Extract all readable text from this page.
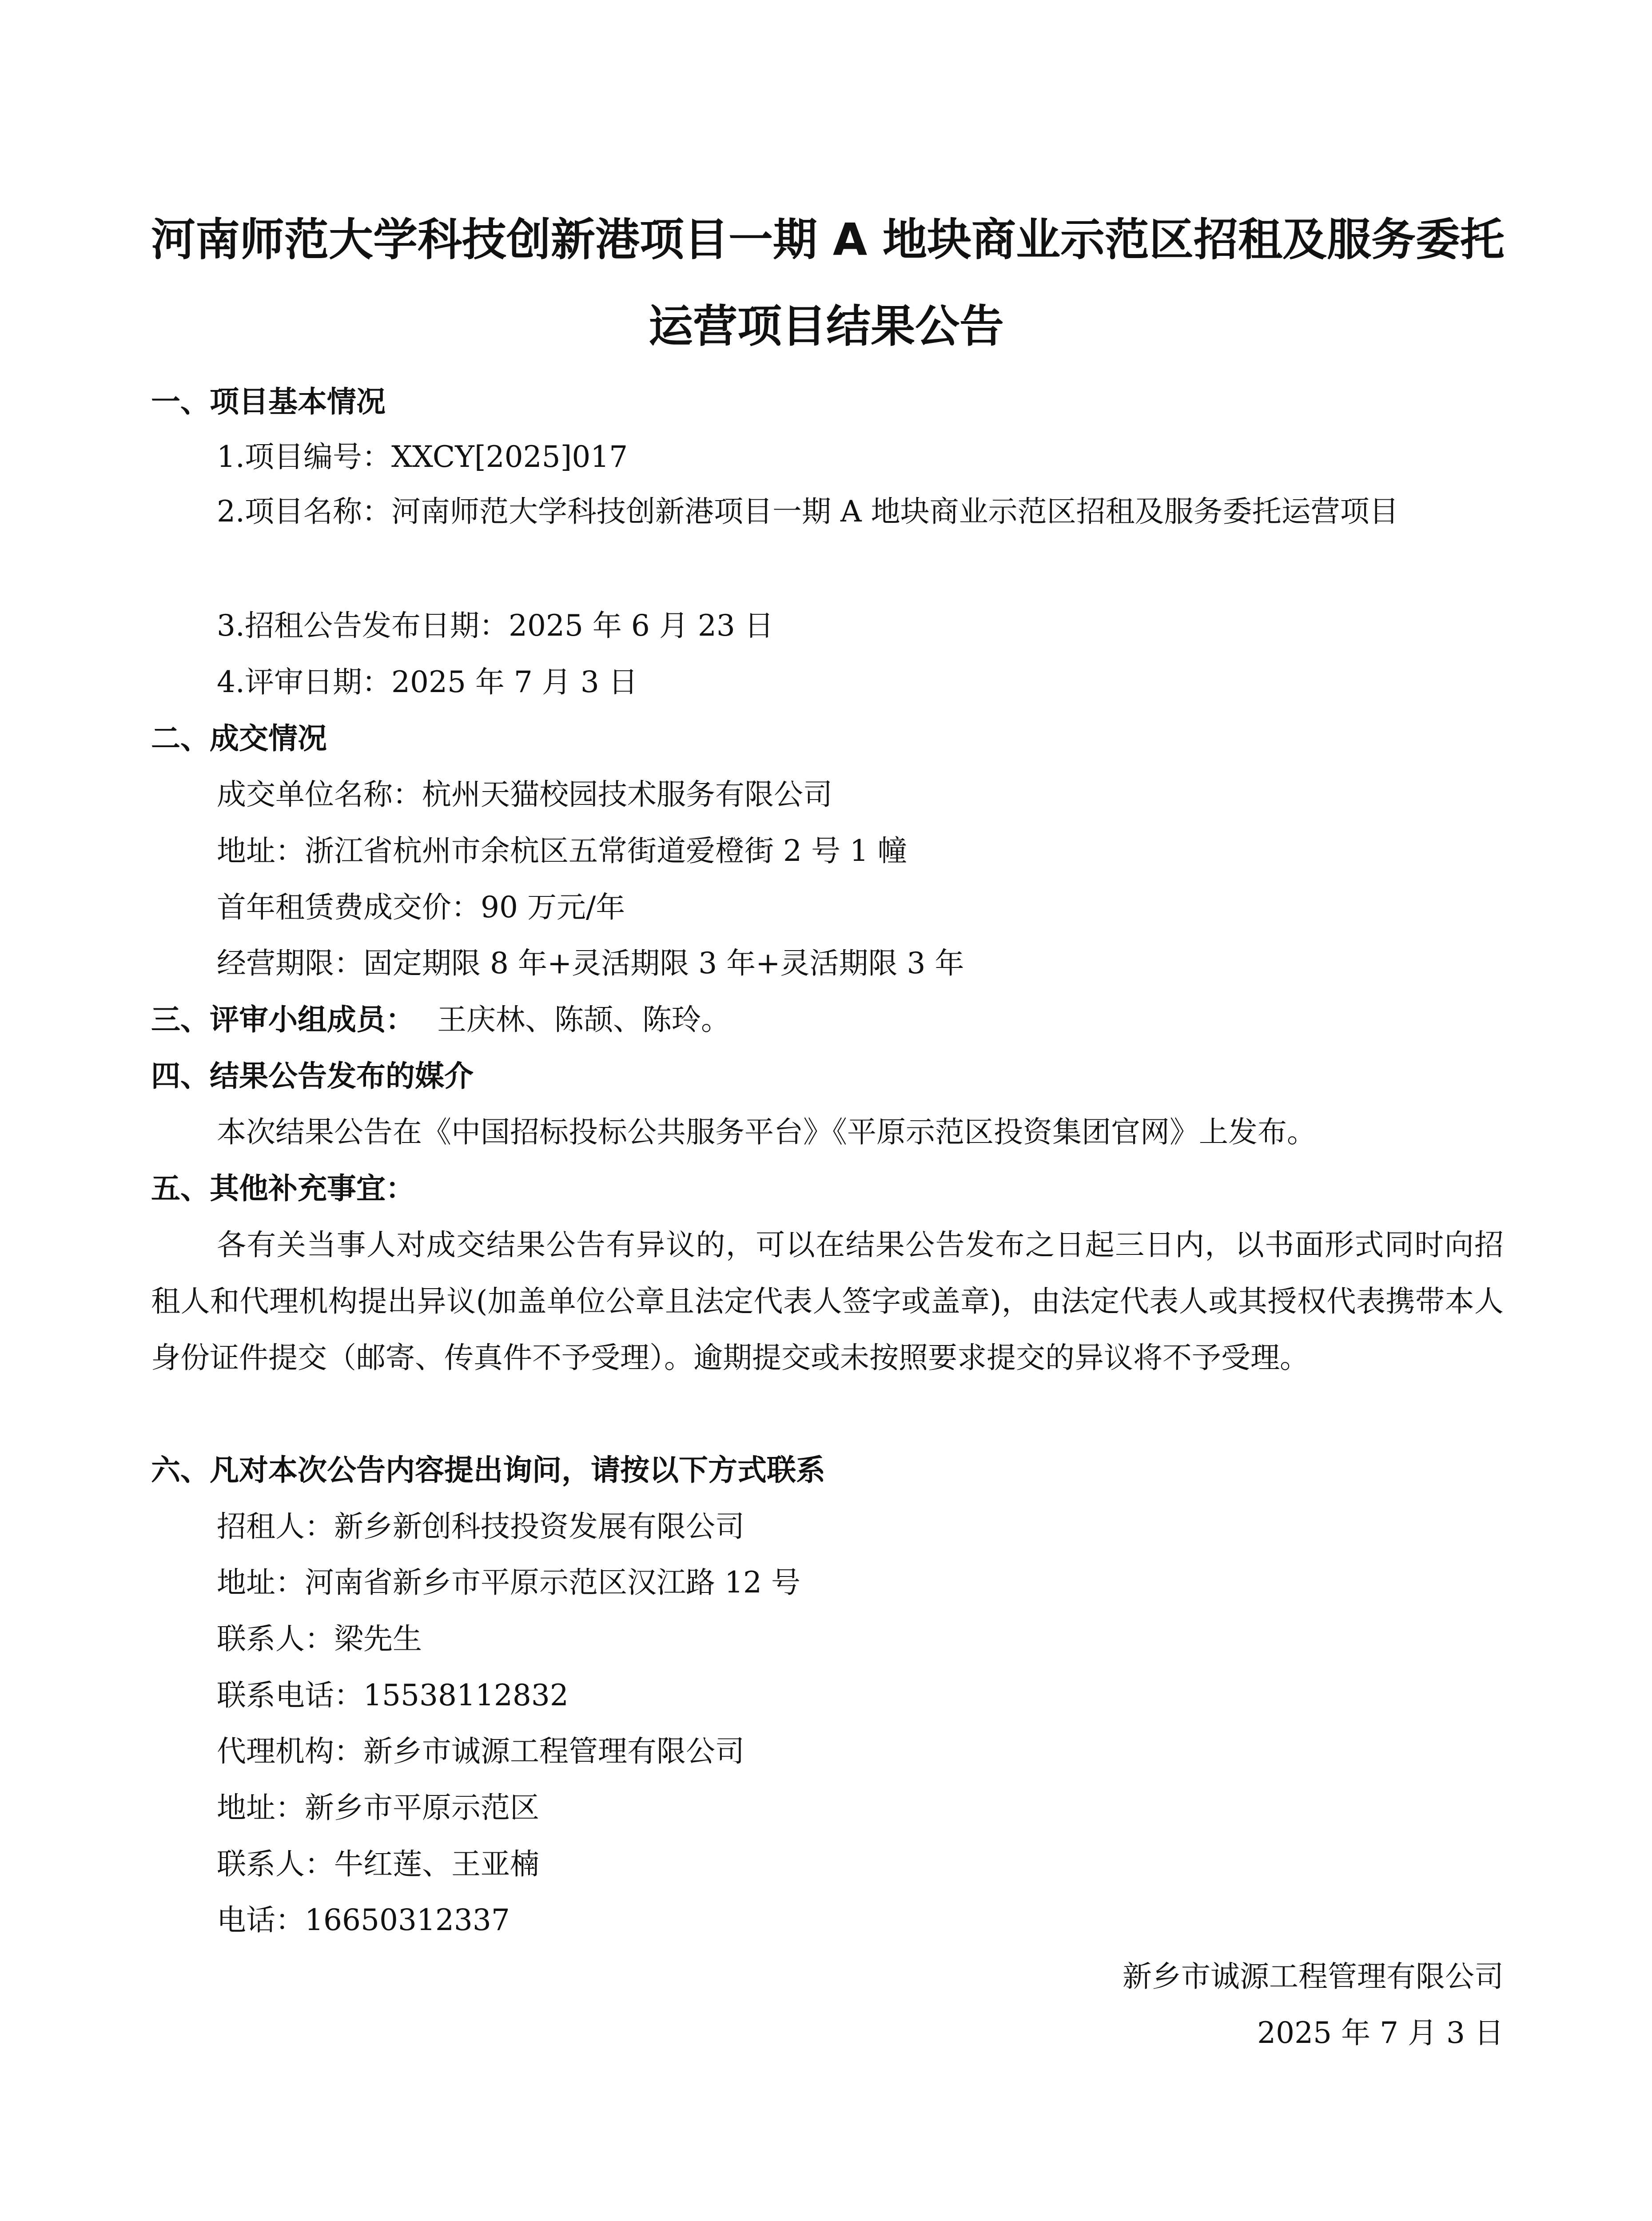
河南师范大学科技创新港项目一期 A 地块商业示范区招租及服务委托
运营项目结果公告
一、项目基本情况
1.项目编号：XXCY[2025]017

2.项目名称：河南师范大学科技创新港项目一期 A 地块商业示范区招租及服务委托运营项目

3.招租公告发布日期：2025 年 6 月 23 日
4.评审日期：2025 年 7 月 3 日
二、成交情况
成交单位名称：杭州天猫校园技术服务有限公司
地址：浙江省杭州市余杭区五常街道爱橙街 2 号 1 幢
首年租赁费成交价：90 万元/年
经营期限：固定期限 8 年+灵活期限 3 年+灵活期限 3 年
三、评审小组成员： 王庆林、陈颉、陈玲。
四、结果公告发布的媒介
本次结果公告在《中国招标投标公共服务平台》《平原示范区投资集团官网》上发布。
五、其他补充事宜：

各有关当事人对成交结果公告有异议的，可以在结果公告发布之日起三日内，以书面形式同时向招租人和代理机构提出异议(加盖单位公章且法定代表人签字或盖章)，由法定代表人或其授权代表携带本人身份证件提交（邮寄、传真件不予受理）。逾期提交或未按照要求提交的异议将不予受理。

六、凡对本次公告内容提出询问，请按以下方式联系
招租人：新乡新创科技投资发展有限公司
地址：河南省新乡市平原示范区汉江路 12 号
联系人：梁先生
联系电话：15538112832
代理机构：新乡市诚源工程管理有限公司
地址：新乡市平原示范区
联系人：牛红莲、王亚楠
电话：16650312337
新乡市诚源工程管理有限公司
2025 年 7 月 3 日
